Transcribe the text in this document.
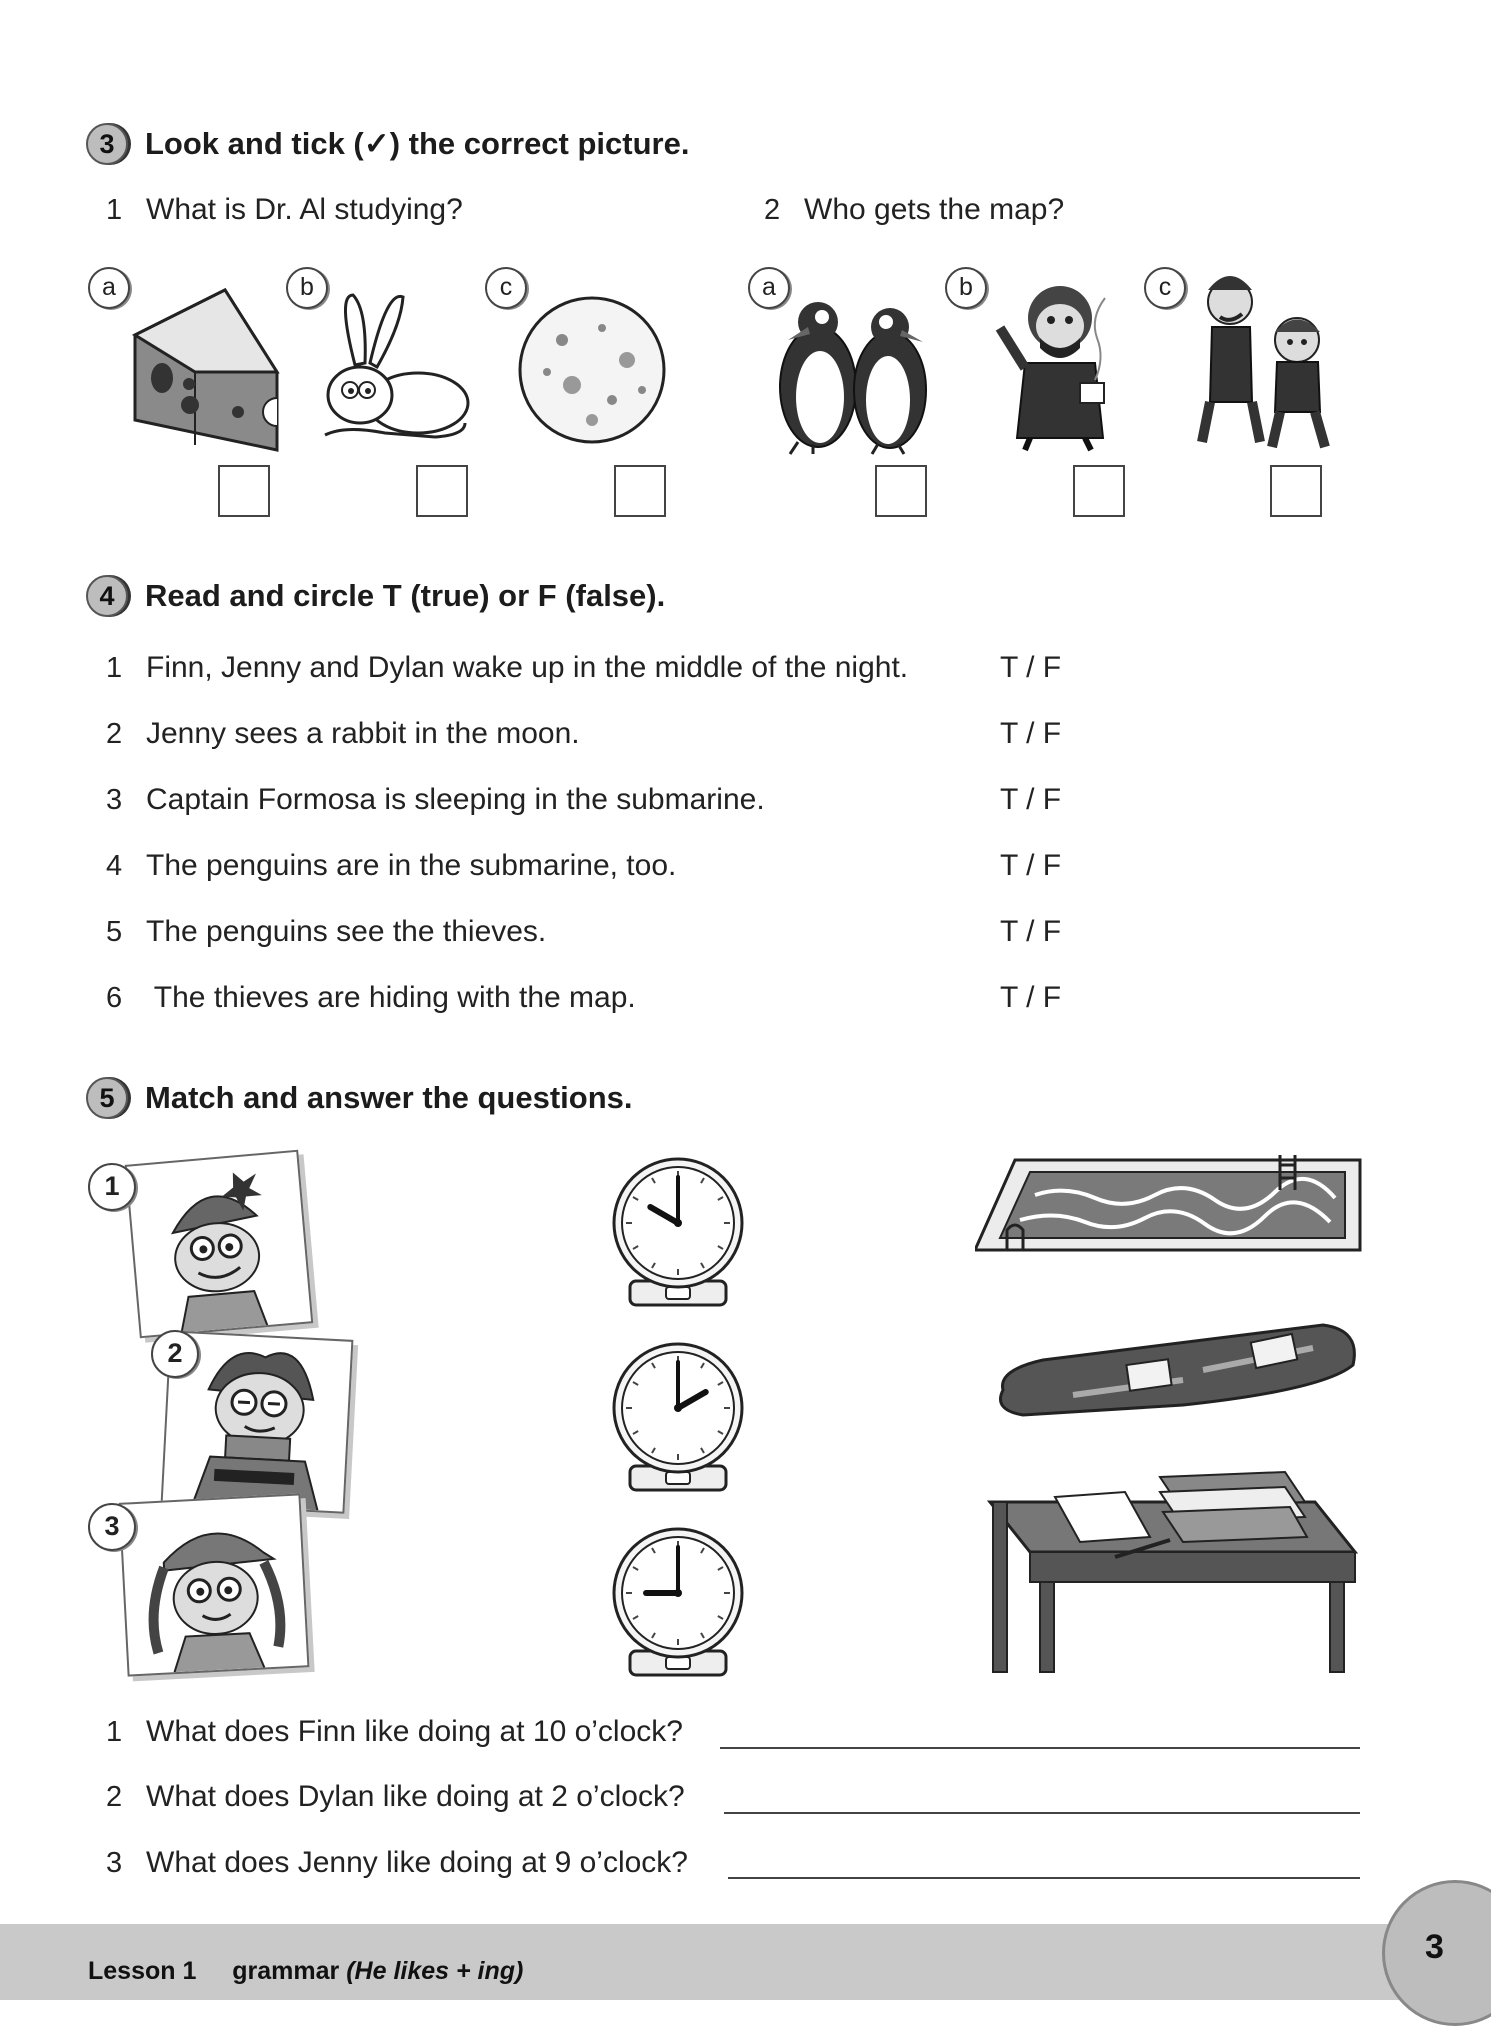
3 Look and tick (✓) the correct picture.
1 What is Dr. Al studying?	2 Who gets the map?
a	b	c	a	b	c
4 Read and circle T (true) or F (false).
1 Finn, Jenny and Dylan wake up in the middle of the night.	T / F
2 Jenny sees a rabbit in the moon.	T / F
3 Captain Formosa is sleeping in the submarine.	T / F
4 The penguins are in the submarine, too.	T / F
5 The penguins see the thieves.	T / F
6 The thieves are hiding with the map.	T / F
5 Match and answer the questions.
1
2
3
1 What does Finn like doing at 10 o’clock?
2 What does Dylan like doing at 2 o’clock?
3 What does Jenny like doing at 9 o’clock?
3
Lesson 1 grammar (He likes + ing)
